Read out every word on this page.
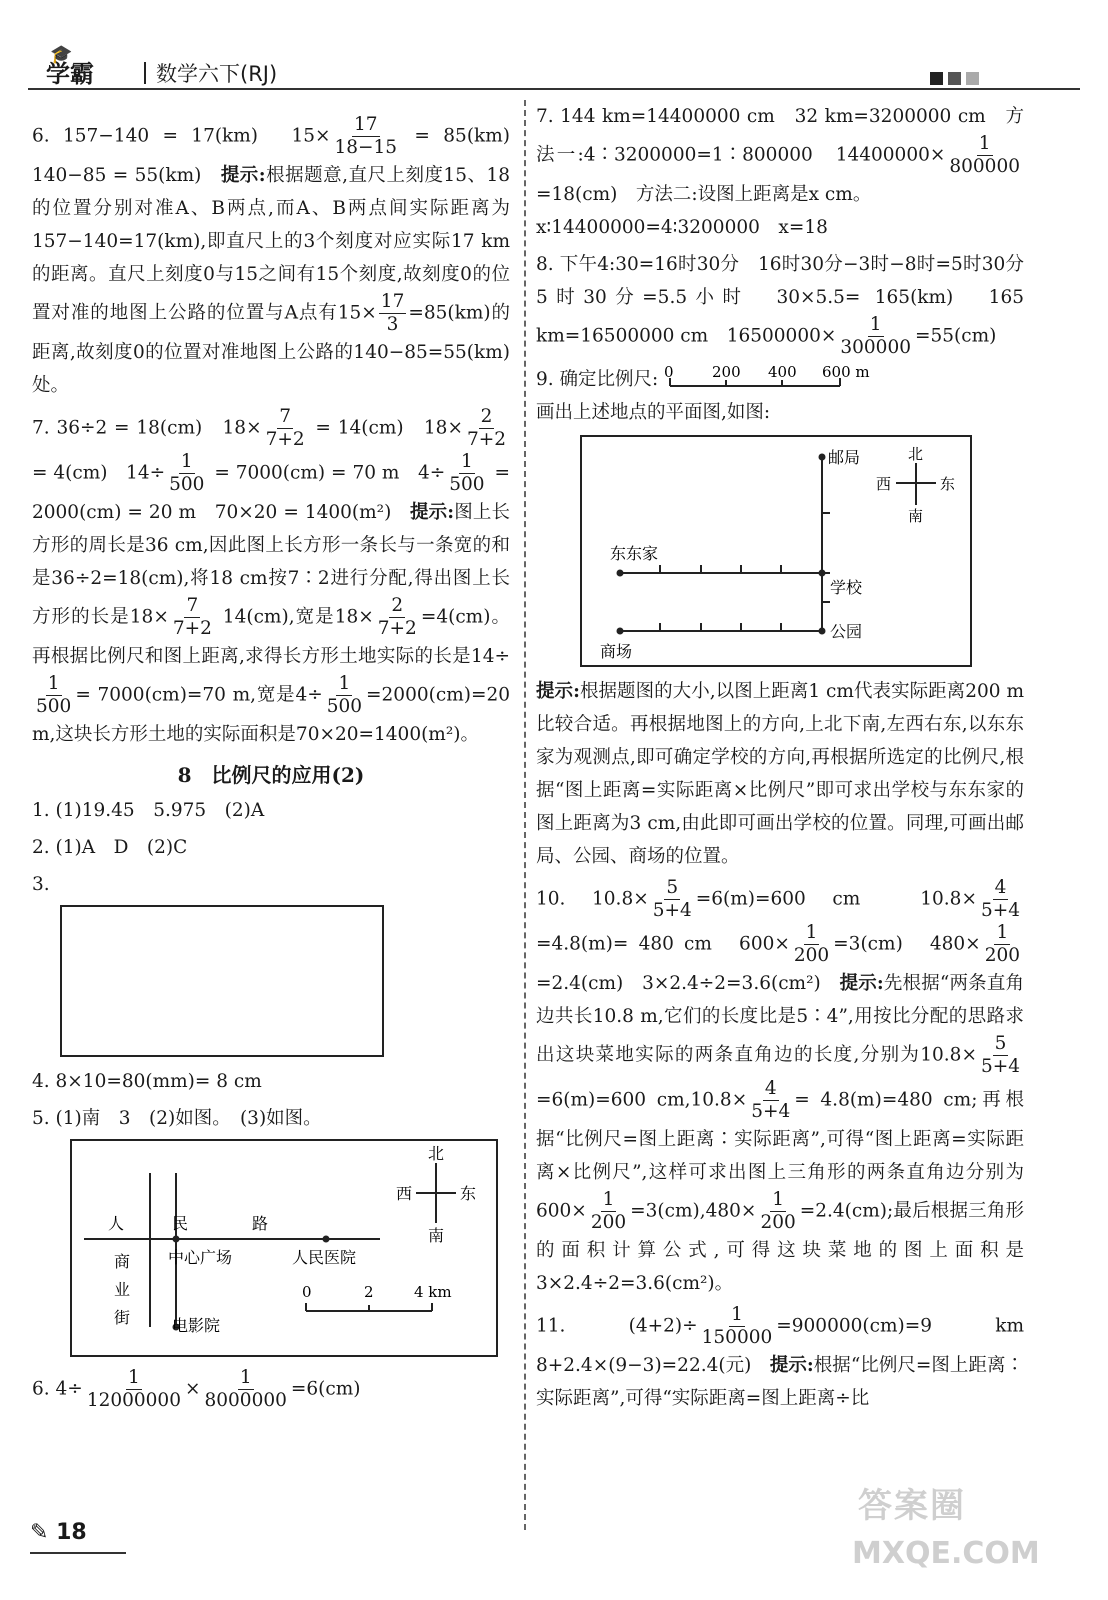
🎓
学霸	数学六下(RJ)

6. 157−140 = 17(km)　$15\times \frac{17}{18-15} = 85(km)$　140−85 = 55(km)　提示:根据题意,直尺上刻度15、18的位置分别对准A、B两点,而A、B两点间实际距离为157−140=17(km),即直尺上的3个刻度对应实际17 km的距离。直尺上刻度0与15之间有15个刻度,故刻度0的位置对准的地图上公路的位置与A点有$15\times \frac{17}{3} =85(km)$的距离,故刻度0的位置对准地图上公路的140−85=55(km)处。

7. 36÷2 = 18(cm)　$18\times \frac{7}{7+2} = 14(cm)$　$18\times \frac{2}{7+2}$
= 4(cm)　$14\div \frac{1}{500} = 7000(cm) = 70$ m　$4\div \frac{1}{500} = 2000(cm) = 20$ m　70×20 = 1400(m²)　提示:图上长方形的周长是36 cm,因此图上长方形一条长与一条宽的和是36÷2=18(cm),将18 cm按7∶2进行分配,得出图上长方形的长是$18\times \frac{7}{7+2} 14(cm)$,宽是$18\times \frac{2}{7+2} =4(cm)$。再根据比例尺和图上距离,求得长方形土地实际的长是14÷
$\frac{1}{500} = 7000(cm)=70$ m,宽是$4\div \frac{1}{500} =2000(cm)=20$ m,这块长方形土地的实际面积是70×20=1400(m²)。

8　比例尺的应用(2)
1. (1)19.45　5.975　(2)A
2. (1)A　D　(2)C
3.
4. 8×10=80(mm)= 8 cm
5. (1)南　3　(2)如图。　(3)如图。
北
南
西	东
人　　　民　　　　路
商
业
街
中心广场	人民医院
电影院
0	2	4 km

6. $4\div \frac{1}{12000000} \times \frac{1}{8000000} =6(cm)$

7. 144 km=14400000 cm　32 km=3200000 cm　方法一:4∶3200000=1∶800000　$14400000\times \frac{1}{800000}$
=18(cm)　方法二:设图上距离是x cm。
x∶14400000=4∶3200000　x=18

8. 下午4:30=16时30分　16时30分−3时−8时=5时30分　5时30分=5.5小时　30×5.5= 165(km)　165 km=16500000 cm　$16500000\times \frac{1}{300000} =55(cm)$

9. 确定比例尺: 0	200 400 600 m

画出上述地点的平面图,如图:
邮局
东东家
学校
公园
商场
北
南
西	东

提示:根据题图的大小,以图上距离1 cm代表实际距离200 m比较合适。再根据地图上的方向,上北下南,左西右东,以东东家为观测点,即可确定学校的方向,再根据所选定的比例尺,根据“图上距离=实际距离×比例尺”即可求出学校与东东家的图上距离为3 cm,由此即可画出学校的位置。同理,可画出邮局、公园、商场的位置。

10. $10.8\times \frac{5}{5+4} =6(m)=600$ cm　$10.8\times \frac{4}{5+4}$
=4.8(m)= 480 cm　$600\times \frac{1}{200} =3(cm)$　$480\times \frac{1}{200}$
=2.4(cm)　3×2.4÷2=3.6(cm²)　提示:先根据“两条直角边共长10.8 m,它们的长度比是5∶4”,用按比分配的思路求出这块菜地实际的两条直角边的长度,分别为$10.8\times \frac{5}{5+4}$
=6(m)=600 $cm,10.8\times \frac{4}{5+4} = 4.8(m)=480$ cm;再根据“比例尺=图上距离∶实际距离”,可得“图上距离=实际距离×比例尺”,这样可求出图上三角形的两条直角边分别为$600\times \frac{1}{200} =3(cm),480\times \frac{1}{200} =2.4(cm)$;最后根据三角形的面积计算公式,可得这块菜地的图上面积是3×2.4÷2=3.6(cm²)。

11. $(4+2)\div \frac{1}{150000} =900000(cm)=9$ km　8+2.4×(9−3)=22.4(元)　提示:根据“比例尺=图上距离∶实际距离”,可得“实际距离=图上距离÷比

✎ 18
答案圈
MXQE.COM
